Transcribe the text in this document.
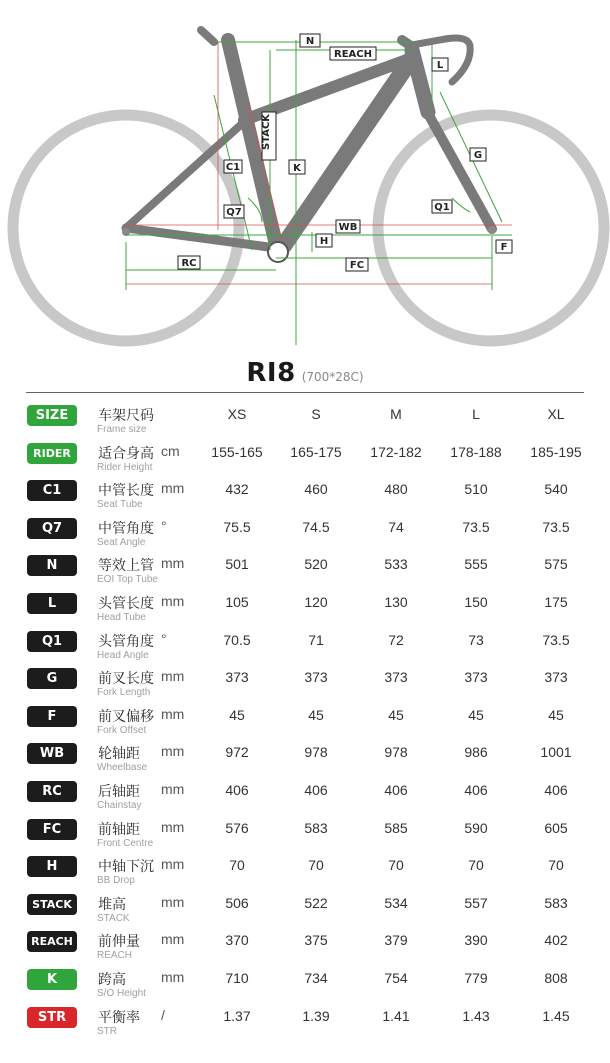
N
REACH
L
STACK
K
C1
G
Q7	Q1
WB
H
F
RC	FC
RI8 (700*28C)
SIZE	车架尺码
Frame size
XS	S	M	L	XL
RIDER	适合身高
Rider Height
cm	155-165	165-175	172-182	178-188	185-195
C1	中管长度
Seat Tube
mm	432	460	480	510	540
Q7	中管角度
Seat Angle
°	75.5	74.5	74	73.5	73.5
N	等效上管
EOI Top Tube
mm	501	520	533	555	575
L	头管长度
Head Tube
mm	105	120	130	150	175
Q1	头管角度
Head Angle
°	70.5	71	72	73	73.5
G	前叉长度
Fork Length
mm	373	373	373	373	373
F	前叉偏移
Fork Offset
mm	45	45	45	45	45
WB	轮轴距
Wheelbase
mm	972	978	978	986	1001
RC	后轴距
Chainstay
mm	406	406	406	406	406
FC	前轴距
Front Centre
mm	576	583	585	590	605
H	中轴下沉
BB Drop
mm	70	70	70	70	70
STACK	堆高
STACK
mm	506	522	534	557	583
REACH 前伸量
REACH
mm	370	375	379	390	402
K	跨高
S/O Height
mm	710	734	754	779	808
STR	平衡率
STR
/	1.37	1.39	1.41	1.43	1.45
